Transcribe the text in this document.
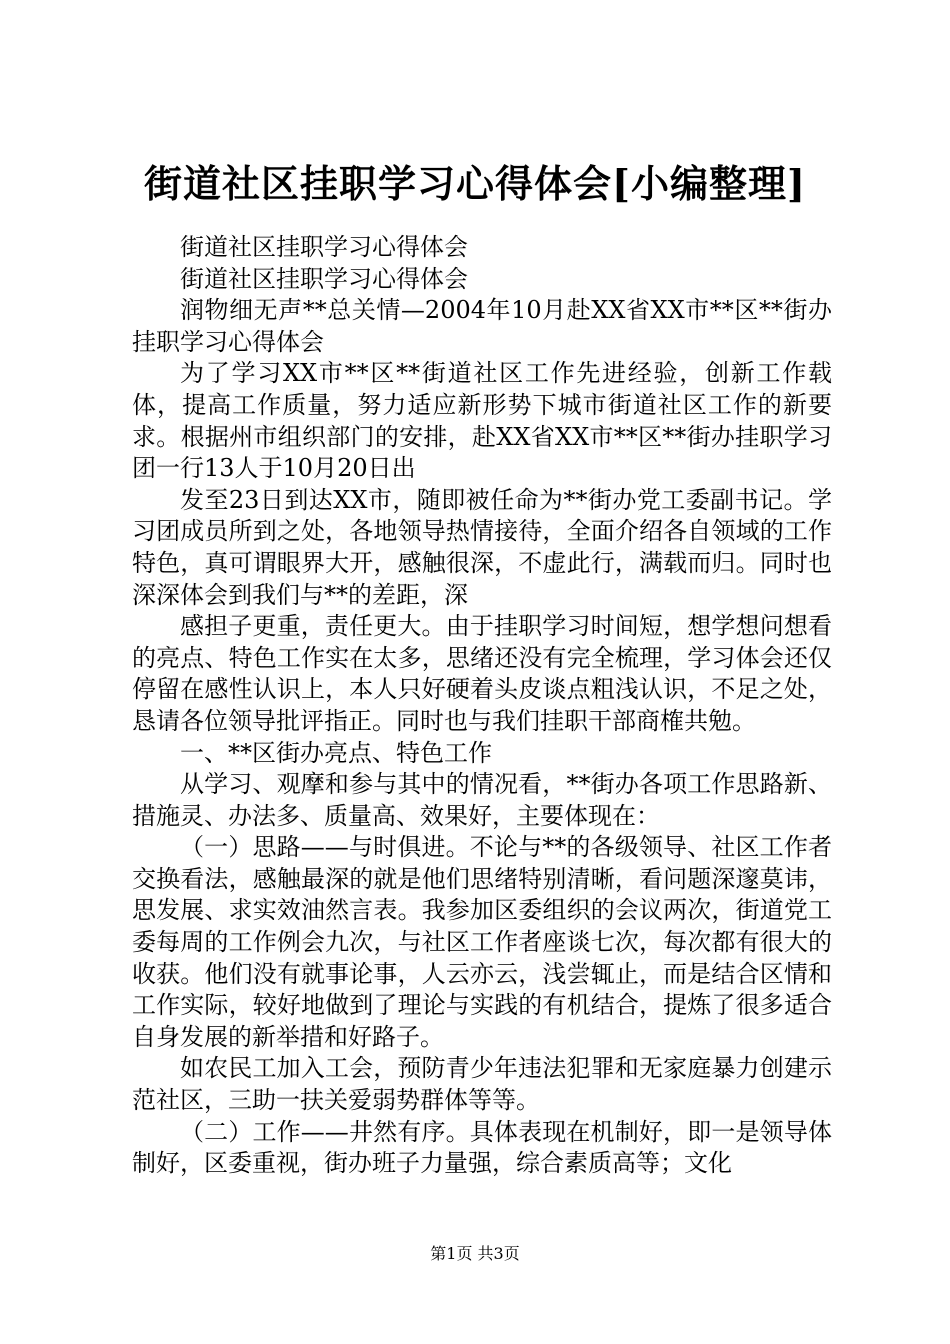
街道社区挂职学习心得体会[小编整理]

街道社区挂职学习心得体会

街道社区挂职学习心得体会

润物细无声**总关情—2004年10月赴XX省XX市**区**街办挂职学习心得体会

为了学习XX市**区**街道社区工作先进经验，创新工作载体，提高工作质量，努力适应新形势下城市街道社区工作的新要求。根据州市组织部门的安排，赴XX省XX市**区**街办挂职学习团一行13人于10月20日出

发至23日到达XX市，随即被任命为**街办党工委副书记。学习团成员所到之处，各地领导热情接待，全面介绍各自领域的工作特色，真可谓眼界大开，感触很深，不虚此行，满载而归。同时也深深体会到我们与**的差距，深

感担子更重，责任更大。由于挂职学习时间短，想学想问想看的亮点、特色工作实在太多，思绪还没有完全梳理，学习体会还仅停留在感性认识上，本人只好硬着头皮谈点粗浅认识，不足之处，恳请各位领导批评指正。同时也与我们挂职干部商榷共勉。

一、**区街办亮点、特色工作

从学习、观摩和参与其中的情况看，**街办各项工作思路新、措施灵、办法多、质量高、效果好，主要体现在：

（一）思路——与时俱进。不论与**的各级领导、社区工作者交换看法，感触最深的就是他们思绪特别清晰，看问题深邃莫讳，思发展、求实效油然言表。我参加区委组织的会议两次，街道党工委每周的工作例会九次，与社区工作者座谈七次，每次都有很大的收获。他们没有就事论事，人云亦云，浅尝辄止，而是结合区情和工作实际，较好地做到了理论与实践的有机结合，提炼了很多适合自身发展的新举措和好路子。

如农民工加入工会，预防青少年违法犯罪和无家庭暴力创建示范社区，三助一扶关爱弱势群体等等。

（二）工作——井然有序。具体表现在机制好，即一是领导体制好，区委重视，街办班子力量强，综合素质高等；文化

第1页 共3页
